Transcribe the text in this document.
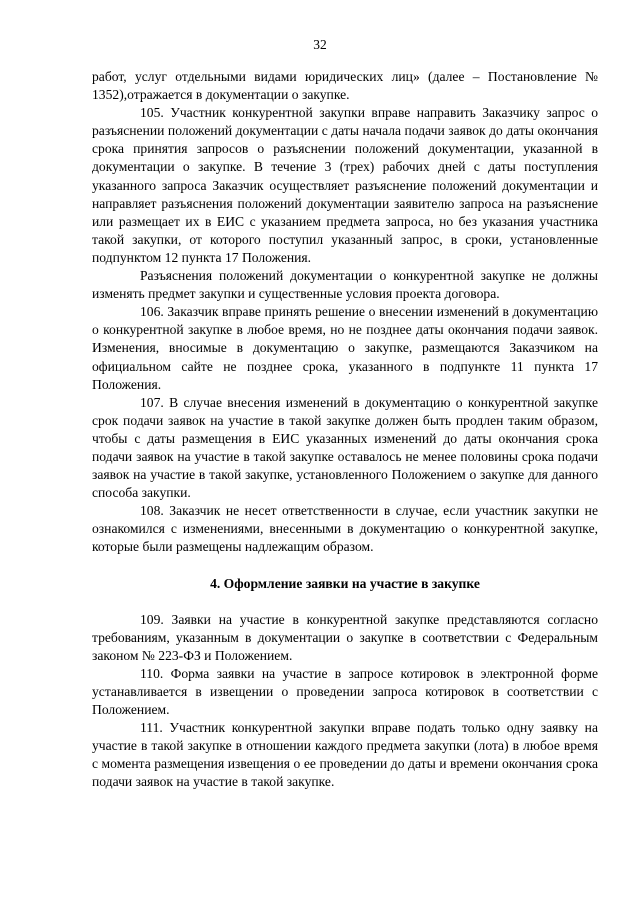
32

работ, услуг отдельными видами юридических лиц» (далее – Постановление № 1352),отражается в документации о закупке.

105. Участник конкурентной закупки вправе направить Заказчику запрос о разъяснении положений документации с даты начала подачи заявок до даты окончания срока принятия запросов о разъяснении положений документации, указанной в документации о закупке. В течение 3 (трех) рабочих дней с даты поступления указанного запроса Заказчик осуществляет разъяснение положений документации и направляет разъяснения положений документации заявителю запроса на разъяснение или размещает их в ЕИС с указанием предмета запроса, но без указания участника такой закупки, от которого поступил указанный запрос, в сроки, установленные подпунктом 12 пункта 17 Положения.

Разъяснения положений документации о конкурентной закупке не должны изменять предмет закупки и существенные условия проекта договора.

106. Заказчик вправе принять решение о внесении изменений в документацию о конкурентной закупке в любое время, но не позднее даты окончания подачи заявок. Изменения, вносимые в документацию о закупке, размещаются Заказчиком на официальном сайте не позднее срока, указанного в подпункте 11 пункта 17 Положения.

107. В случае внесения изменений в документацию о конкурентной закупке срок подачи заявок на участие в такой закупке должен быть продлен таким образом, чтобы с даты размещения в ЕИС указанных изменений до даты окончания срока подачи заявок на участие в такой закупке оставалось не менее половины срока подачи заявок на участие в такой закупке, установленного Положением о закупке для данного способа закупки.

108. Заказчик не несет ответственности в случае, если участник закупки не ознакомился с изменениями, внесенными в документацию о конкурентной закупке, которые были размещены надлежащим образом.

4. Оформление заявки на участие в закупке

109. Заявки на участие в конкурентной закупке представляются согласно требованиям, указанным в документации о закупке в соответствии с Федеральным законом № 223-ФЗ и Положением.

110. Форма заявки на участие в запросе котировок в электронной форме устанавливается в извещении о проведении запроса котировок в соответствии с Положением.

111. Участник конкурентной закупки вправе подать только одну заявку на участие в такой закупке в отношении каждого предмета закупки (лота) в любое время с момента размещения извещения о ее проведении до даты и времени окончания срока подачи заявок на участие в такой закупке.
